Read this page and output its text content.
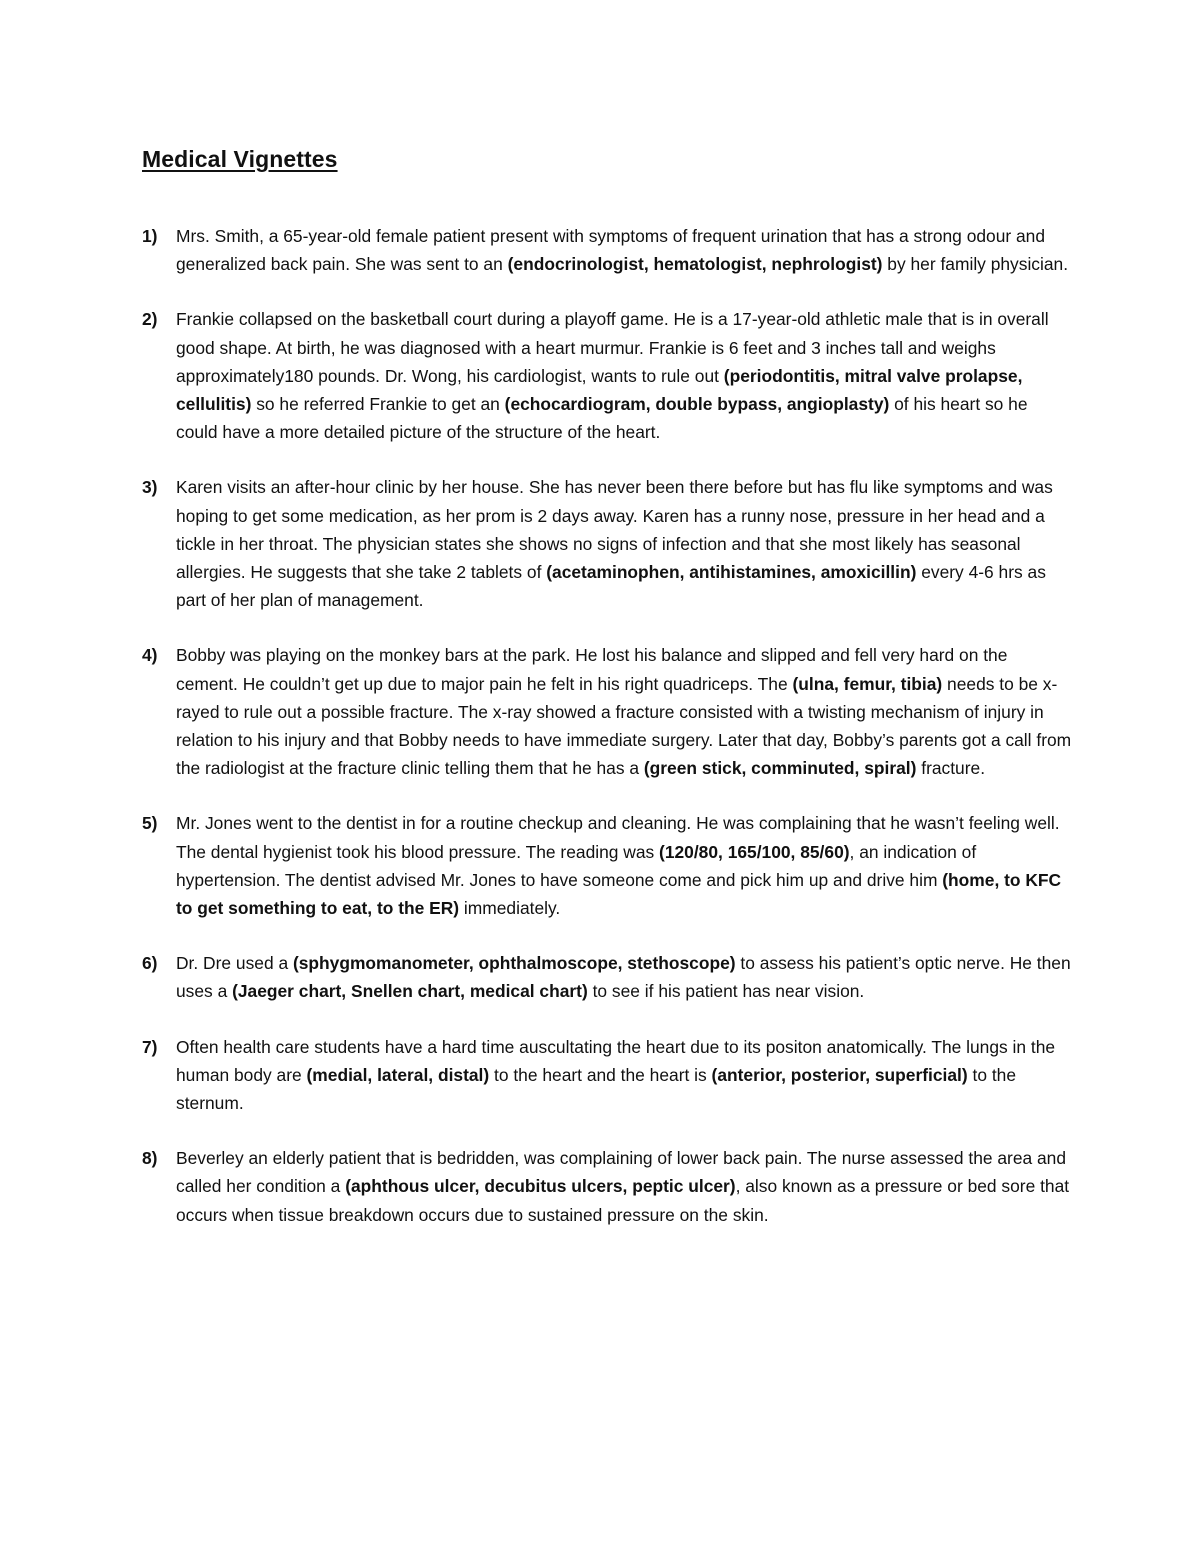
Medical Vignettes
1) Mrs. Smith, a 65-year-old female patient present with symptoms of frequent urination that has a strong odour and generalized back pain. She was sent to an (endocrinologist, hematologist, nephrologist) by her family physician.
2) Frankie collapsed on the basketball court during a playoff game. He is a 17-year-old athletic male that is in overall good shape. At birth, he was diagnosed with a heart murmur. Frankie is 6 feet and 3 inches tall and weighs approximately180 pounds. Dr. Wong, his cardiologist, wants to rule out (periodontitis, mitral valve prolapse, cellulitis) so he referred Frankie to get an (echocardiogram, double bypass, angioplasty) of his heart so he could have a more detailed picture of the structure of the heart.
3) Karen visits an after-hour clinic by her house. She has never been there before but has flu like symptoms and was hoping to get some medication, as her prom is 2 days away. Karen has a runny nose, pressure in her head and a tickle in her throat. The physician states she shows no signs of infection and that she most likely has seasonal allergies. He suggests that she take 2 tablets of (acetaminophen, antihistamines, amoxicillin) every 4-6 hrs as part of her plan of management.
4) Bobby was playing on the monkey bars at the park. He lost his balance and slipped and fell very hard on the cement. He couldn’t get up due to major pain he felt in his right quadriceps. The (ulna, femur, tibia) needs to be x-rayed to rule out a possible fracture. The x-ray showed a fracture consisted with a twisting mechanism of injury in relation to his injury and that Bobby needs to have immediate surgery. Later that day, Bobby’s parents got a call from the radiologist at the fracture clinic telling them that he has a (green stick, comminuted, spiral) fracture.
5) Mr. Jones went to the dentist in for a routine checkup and cleaning. He was complaining that he wasn’t feeling well. The dental hygienist took his blood pressure. The reading was (120/80, 165/100, 85/60), an indication of hypertension. The dentist advised Mr. Jones to have someone come and pick him up and drive him (home, to KFC to get something to eat, to the ER) immediately.
6) Dr. Dre used a (sphygmomanometer, ophthalmoscope, stethoscope) to assess his patient’s optic nerve. He then uses a (Jaeger chart, Snellen chart, medical chart) to see if his patient has near vision.
7) Often health care students have a hard time auscultating the heart due to its positon anatomically. The lungs in the human body are (medial, lateral, distal) to the heart and the heart is (anterior, posterior, superficial) to the sternum.
8) Beverley an elderly patient that is bedridden, was complaining of lower back pain. The nurse assessed the area and called her condition a (aphthous ulcer, decubitus ulcers, peptic ulcer), also known as a pressure or bed sore that occurs when tissue breakdown occurs due to sustained pressure on the skin.
